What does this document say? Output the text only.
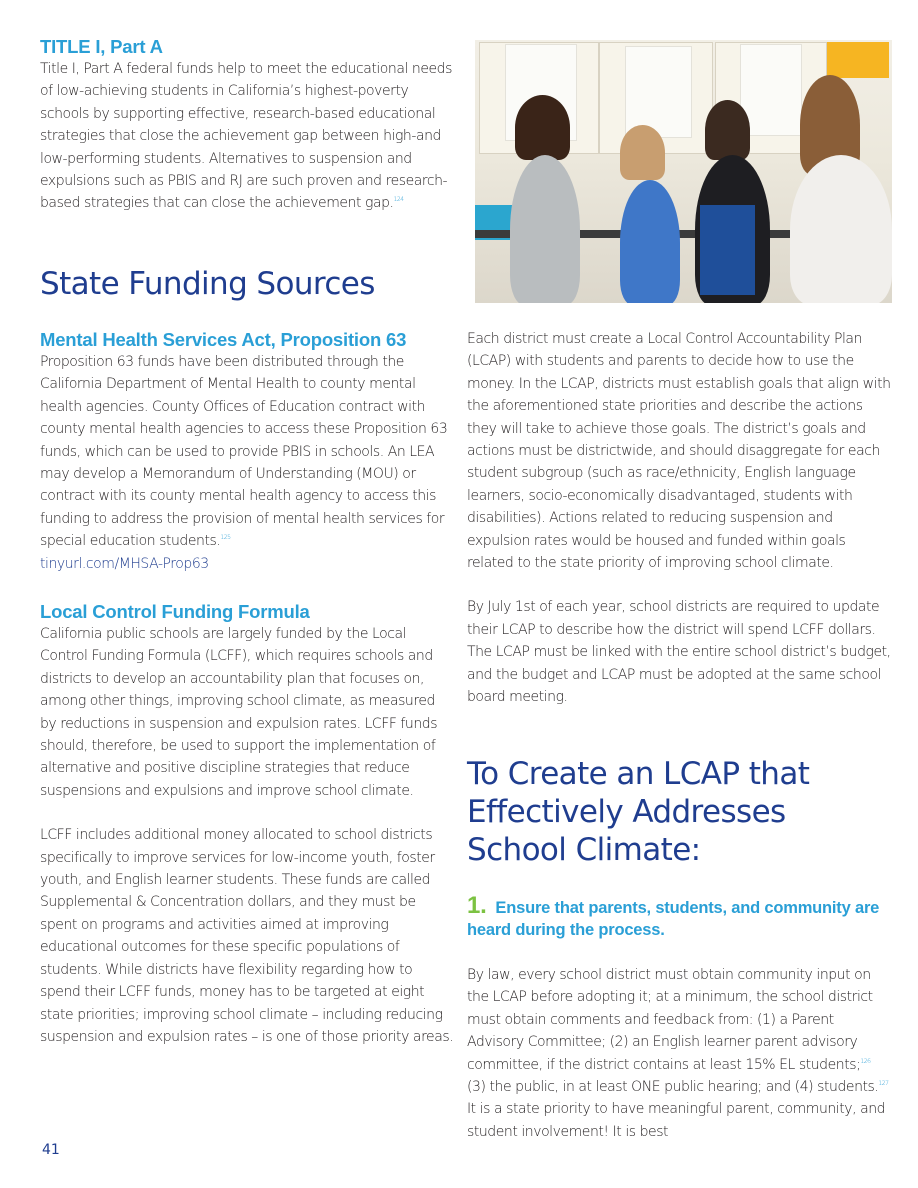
TITLE I, Part A

Title I, Part A federal funds help to meet the educational needs of low-achieving students in California’s highest-poverty schools by supporting effective, research-based educational strategies that close the achievement gap between high-and low-performing students. Alternatives to suspension and expulsions such as PBIS and RJ are such proven and research-based strategies that can close the achievement gap.$^{124}$

State Funding Sources
Mental Health Services Act, Proposition 63

Proposition 63 funds have been distributed through the California Department of Mental Health to county mental health agencies. County Offices of Education contract with county mental health agencies to access these Proposition 63 funds, which can be used to provide PBIS in schools. An LEA may develop a Memorandum of Understanding (MOU) or contract with its county mental health agency to access this funding to address the provision of mental health services for special education students.$^{125}$

tinyurl.com/MHSA-Prop63

Local Control Funding Formula

California public schools are largely funded by the Local Control Funding Formula (LCFF), which requires schools and districts to develop an accountability plan that focuses on, among other things, improving school climate, as measured by reductions in suspension and expulsion rates. LCFF funds should, therefore, be used to support the implementation of alternative and positive discipline strategies that reduce suspensions and expulsions and improve school climate.

LCFF includes additional money allocated to school districts specifically to improve services for low-income youth, foster youth, and English learner students. These funds are called Supplemental & Concentration dollars, and they must be spent on programs and activities aimed at improving educational outcomes for these specific populations of students. While districts have flexibility regarding how to spend their LCFF funds, money has to be targeted at eight state priorities; improving school climate – including reducing suspension and expulsion rates – is one of those priority areas.

41

Each district must create a Local Control Accountability Plan (LCAP) with students and parents to decide how to use the money. In the LCAP, districts must establish goals that align with the aforementioned state priorities and describe the actions they will take to achieve those goals. The district’s goals and actions must be districtwide, and should disaggregate for each student subgroup (such as race/ethnicity, English language learners, socio-economically disadvantaged, students with disabilities). Actions related to reducing suspension and expulsion rates would be housed and funded within goals related to the state priority of improving school climate.

By July 1st of each year, school districts are required to update their LCAP to describe how the district will spend LCFF dollars. The LCAP must be linked with the entire school district’s budget, and the budget and LCAP must be adopted at the same school board meeting.

To Create an LCAP that Effectively Addresses School Climate:
1. Ensure that parents, students, and community are heard during the process.

By law, every school district must obtain community input on the LCAP before adopting it; at a minimum, the school district must obtain comments and feedback from: (1) a Parent Advisory Committee; (2) an English learner parent advisory committee, if the district contains at least 15% EL students;$^{126}$ (3) the public, in at least ONE public hearing; and (4) students.$^{127}$ It is a state priority to have meaningful parent, community, and student involvement! It is best
